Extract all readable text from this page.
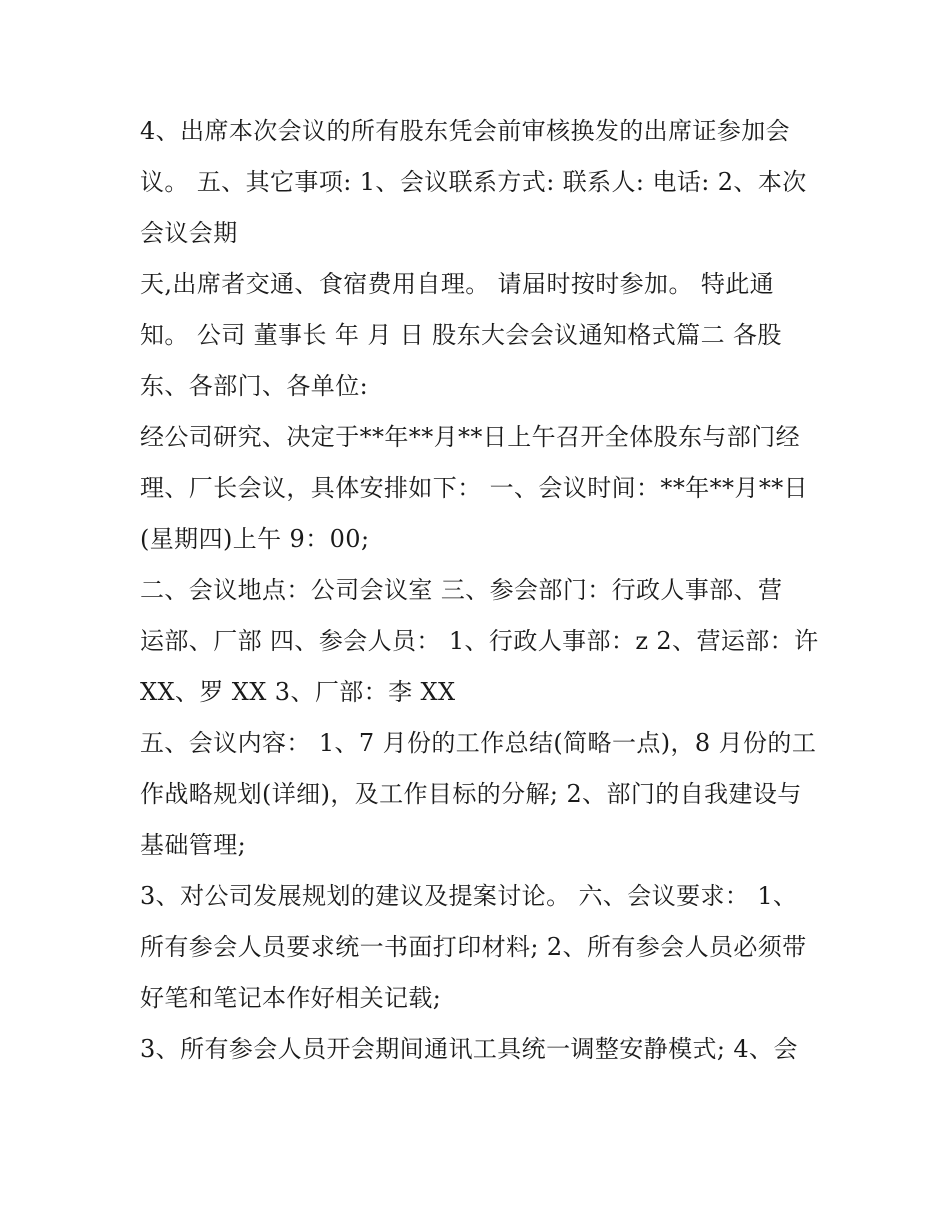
4、出席本次会议的所有股东凭会前审核换发的出席证参加会
议。 五、其它事项: 1、会议联系方式: 联系人: 电话: 2、本次
会议会期
天,出席者交通、食宿费用自理。 请届时按时参加。 特此通
知。 公司 董事长 年 月 日 股东大会会议通知格式篇二 各股
东、各部门、各单位:
经公司研究、决定于**年**月**日上午召开全体股东与部门经
理、厂长会议，具体安排如下： 一、会议时间：**年**月**日
(星期四)上午 9：00;
二、会议地点：公司会议室 三、参会部门：行政人事部、营
运部、厂部 四、参会人员： 1、行政人事部：z 2、营运部：许
XX、罗 XX 3、厂部：李 XX
五、会议内容： 1、7 月份的工作总结(简略一点)，8 月份的工
作战略规划(详细)，及工作目标的分解; 2、部门的自我建设与
基础管理;
3、对公司发展规划的建议及提案讨论。 六、会议要求： 1、
所有参会人员要求统一书面打印材料; 2、所有参会人员必须带
好笔和笔记本作好相关记载;
3、所有参会人员开会期间通讯工具统一调整安静模式; 4、会
